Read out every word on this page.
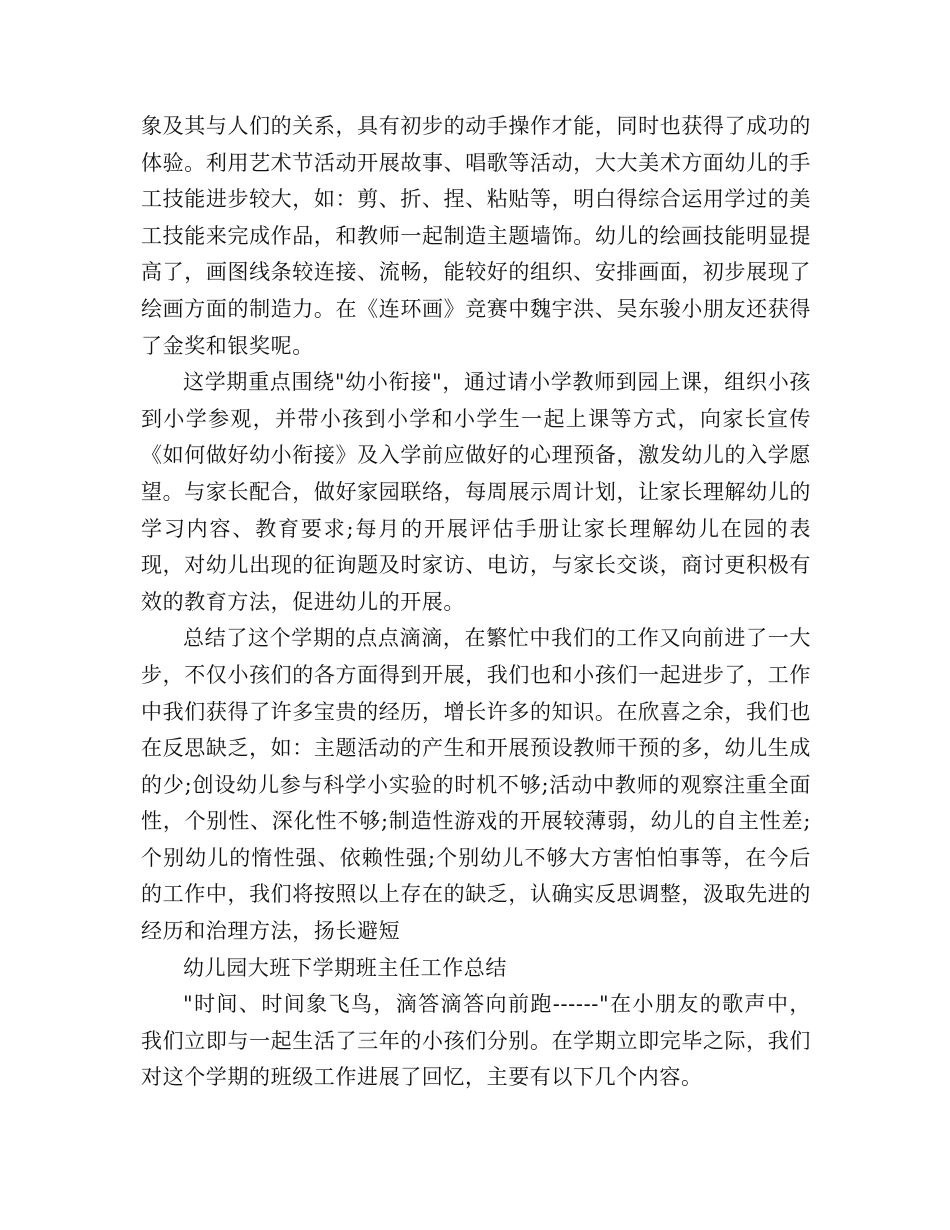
象及其与人们的关系，具有初步的动手操作才能，同时也获得了成功的体验。利用艺术节活动开展故事、唱歌等活动，大大美术方面幼儿的手工技能进步较大，如：剪、折、捏、粘贴等，明白得综合运用学过的美工技能来完成作品，和教师一起制造主题墙饰。幼儿的绘画技能明显提高了，画图线条较连接、流畅，能较好的组织、安排画面，初步展现了绘画方面的制造力。在《连环画》竞赛中魏宇洪、吴东骏小朋友还获得了金奖和银奖呢。

这学期重点围绕"幼小衔接"，通过请小学教师到园上课，组织小孩到小学参观，并带小孩到小学和小学生一起上课等方式，向家长宣传《如何做好幼小衔接》及入学前应做好的心理预备，激发幼儿的入学愿望。与家长配合，做好家园联络，每周展示周计划，让家长理解幼儿的学习内容、教育要求;每月的开展评估手册让家长理解幼儿在园的表现，对幼儿出现的征询题及时家访、电访，与家长交谈，商讨更积极有效的教育方法，促进幼儿的开展。

总结了这个学期的点点滴滴，在繁忙中我们的工作又向前进了一大步，不仅小孩们的各方面得到开展，我们也和小孩们一起进步了，工作中我们获得了许多宝贵的经历，增长许多的知识。在欣喜之余，我们也在反思缺乏，如：主题活动的产生和开展预设教师干预的多，幼儿生成的少;创设幼儿参与科学小实验的时机不够;活动中教师的观察注重全面性，个别性、深化性不够;制造性游戏的开展较薄弱，幼儿的自主性差;个别幼儿的惰性强、依赖性强;个别幼儿不够大方害怕怕事等，在今后的工作中，我们将按照以上存在的缺乏，认确实反思调整，汲取先进的经历和治理方法，扬长避短

幼儿园大班下学期班主任工作总结

"时间、时间象飞鸟，滴答滴答向前跑------"在小朋友的歌声中，我们立即与一起生活了三年的小孩们分别。在学期立即完毕之际，我们对这个学期的班级工作进展了回忆，主要有以下几个内容。
